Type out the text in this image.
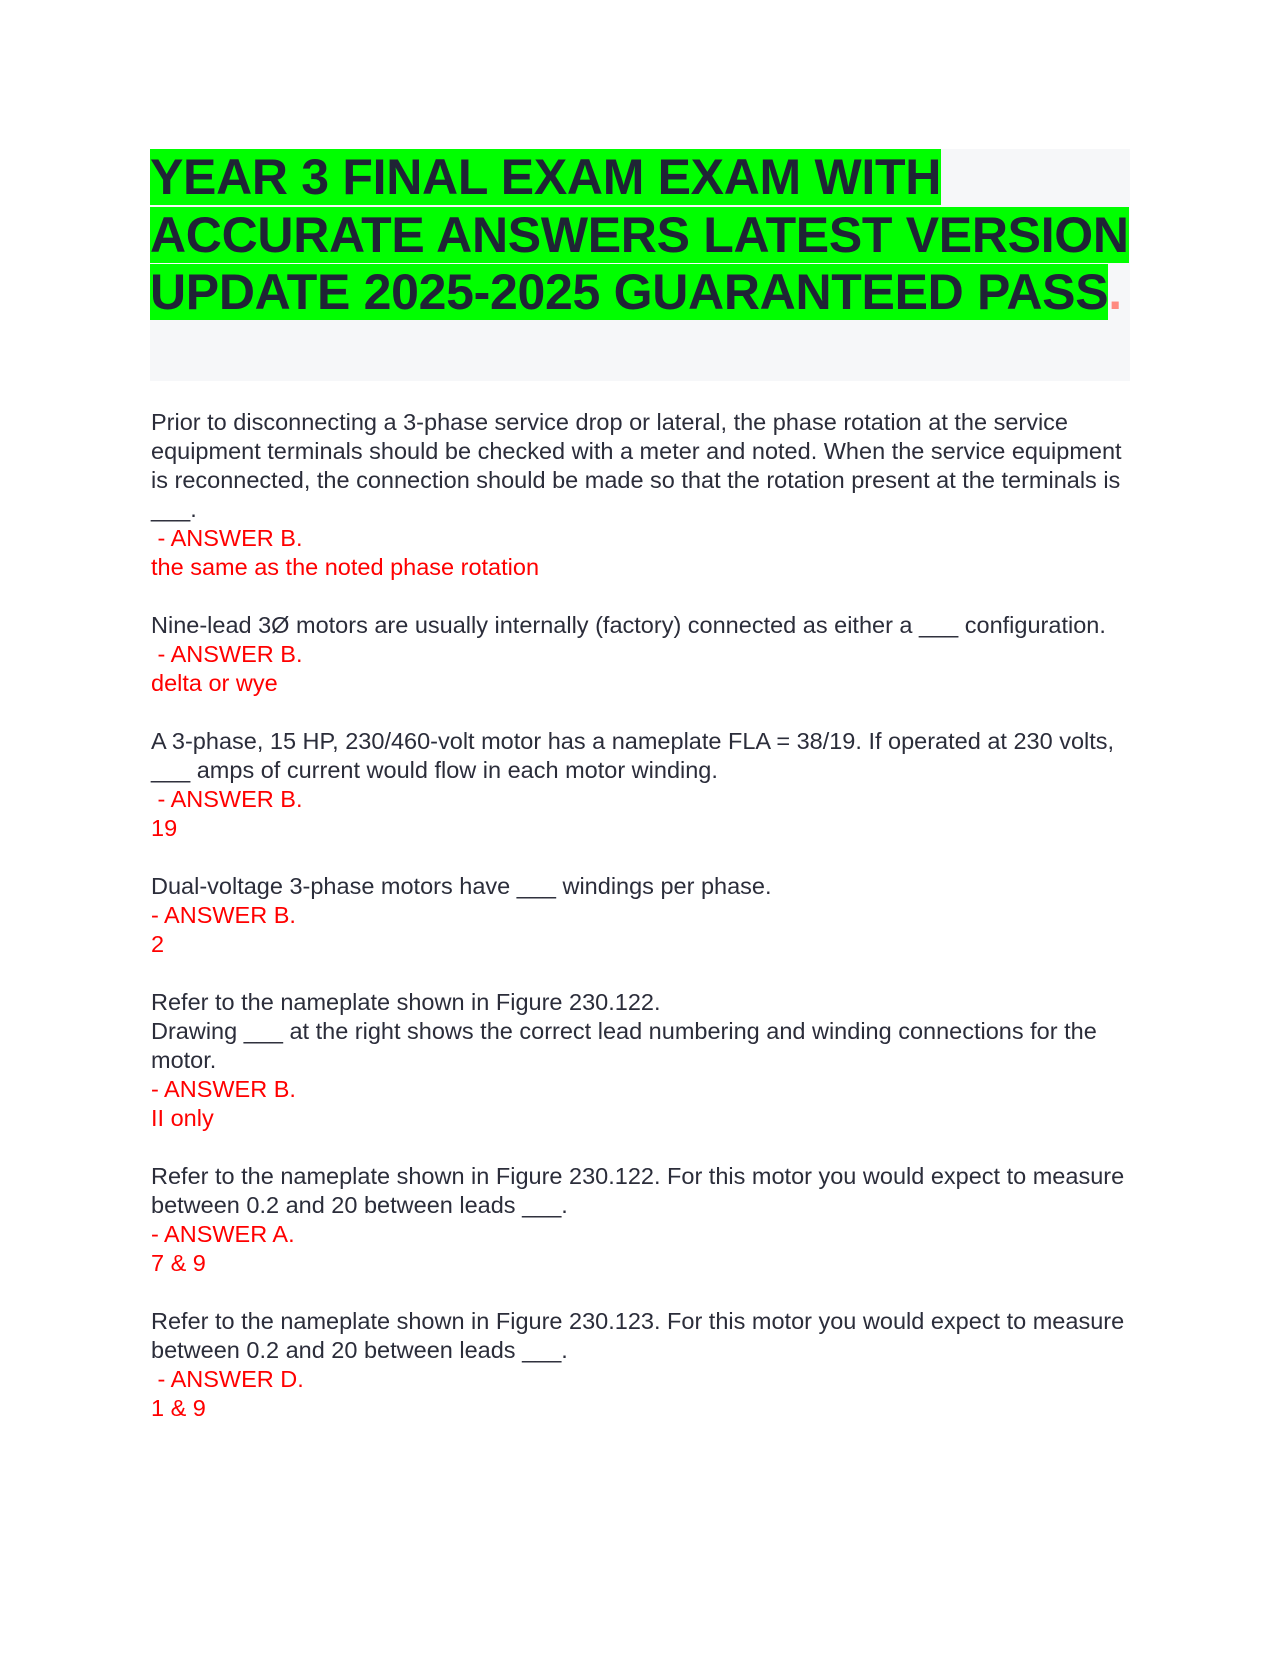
YEAR 3 FINAL EXAM EXAM WITH ACCURATE ANSWERS LATEST VERSION UPDATE 2025-2025 GUARANTEED PASS.
Prior to disconnecting a 3-phase service drop or lateral, the phase rotation at the service equipment terminals should be checked with a meter and noted. When the service equipment is reconnected, the connection should be made so that the rotation present at the terminals is ___.
- ANSWER B.
the same as the noted phase rotation
Nine-lead 3Ø motors are usually internally (factory) connected as either a ___ configuration.
- ANSWER B.
delta or wye
A 3-phase, 15 HP, 230/460-volt motor has a nameplate FLA = 38/19. If operated at 230 volts, ___ amps of current would flow in each motor winding.
- ANSWER B.
19
Dual-voltage 3-phase motors have ___ windings per phase.
- ANSWER B.
2
Refer to the nameplate shown in Figure 230.122.
Drawing ___ at the right shows the correct lead numbering and winding connections for the motor.
- ANSWER B.
II only
Refer to the nameplate shown in Figure 230.122. For this motor you would expect to measure between 0.2 and 20 between leads ___.
- ANSWER A.
7 & 9
Refer to the nameplate shown in Figure 230.123. For this motor you would expect to measure between 0.2 and 20 between leads ___.
- ANSWER D.
1 & 9
